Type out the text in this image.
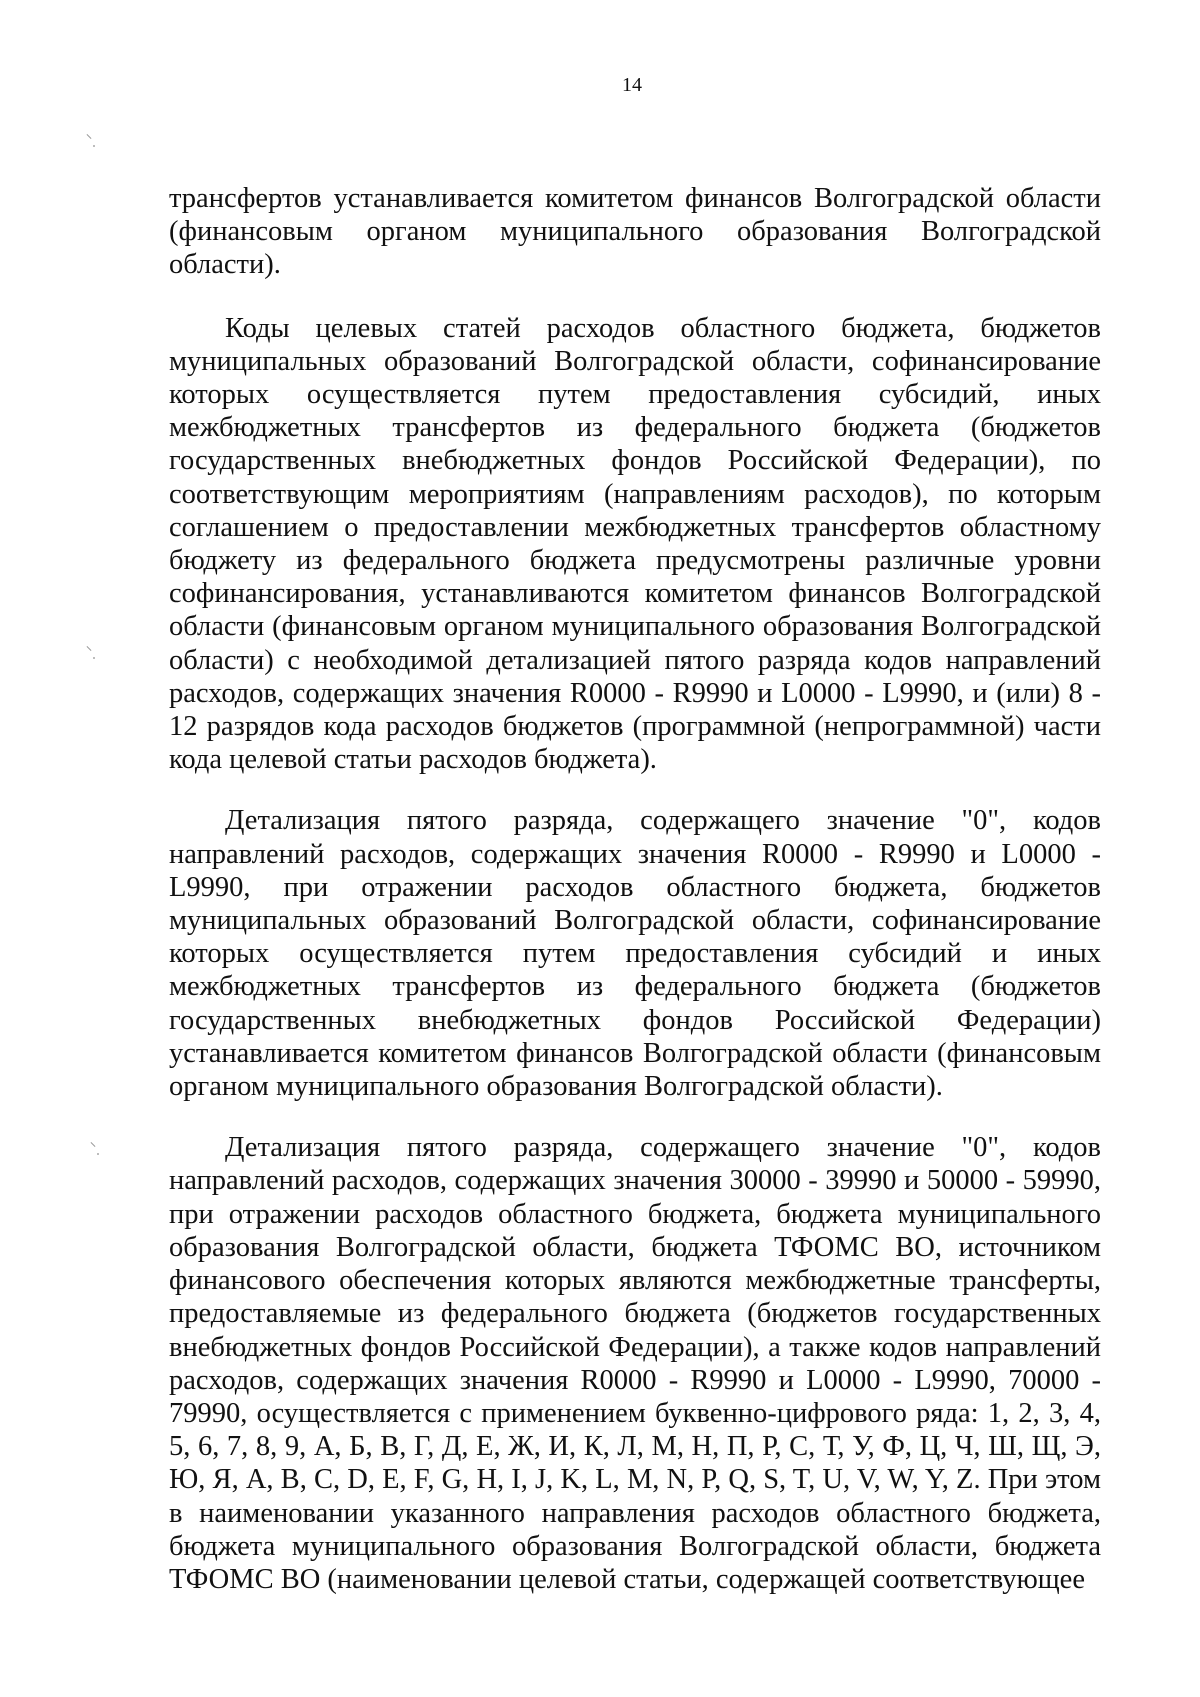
14

трансфертов устанавливается комитетом финансов Волгоградской области (финансовым органом муниципального образования Волгоградской области).

Коды целевых статей расходов областного бюджета, бюджетов муниципальных образований Волгоградской области, софинансирование которых осуществляется путем предоставления субсидий, иных межбюджетных трансфертов из федерального бюджета (бюджетов государственных внебюджетных фондов Российской Федерации), по соответствующим мероприятиям (направлениям расходов), по которым соглашением о предоставлении межбюджетных трансфертов областному бюджету из федерального бюджета предусмотрены различные уровни софинансирования, устанавливаются комитетом финансов Волгоградской области (финансовым органом муниципального образования Волгоградской области) с необходимой детализацией пятого разряда кодов направлений расходов, содержащих значения R0000 - R9990 и L0000 - L9990, и (или) 8 - 12 разрядов кода расходов бюджетов (программной (непрограммной) части кода целевой статьи расходов бюджета).

Детализация пятого разряда, содержащего значение "0", кодов направлений расходов, содержащих значения R0000 - R9990 и L0000 - L9990, при отражении расходов областного бюджета, бюджетов муниципальных образований Волгоградской области, софинансирование которых осуществляется путем предоставления субсидий и иных межбюджетных трансфертов из федерального бюджета (бюджетов государственных внебюджетных фондов Российской Федерации) устанавливается комитетом финансов Волгоградской области (финансовым органом муниципального образования Волгоградской области).

Детализация пятого разряда, содержащего значение "0", кодов направлений расходов, содержащих значения 30000 - 39990 и 50000 - 59990, при отражении расходов областного бюджета, бюджета муниципального образования Волгоградской области, бюджета ТФОМС ВО, источником финансового обеспечения которых являются межбюджетные трансферты, предоставляемые из федерального бюджета (бюджетов государственных внебюджетных фондов Российской Федерации), а также кодов направлений расходов, содержащих значения R0000 - R9990 и L0000 - L9990, 70000 - 79990, осуществляется с применением буквенно-цифрового ряда: 1, 2, 3, 4, 5, 6, 7, 8, 9, А, Б, В, Г, Д, Е, Ж, И, К, Л, М, Н, П, Р, С, Т, У, Ф, Ц, Ч, Ш, Щ, Э, Ю, Я, A, B, C, D, E, F, G, H, I, J, K, L, M, N, P, Q, S, T, U, V, W, Y, Z. При этом в наименовании указанного направления расходов областного бюджета, бюджета муниципального образования Волгоградской области, бюджета ТФОМС ВО (наименовании целевой статьи, содержащей соответствующее
